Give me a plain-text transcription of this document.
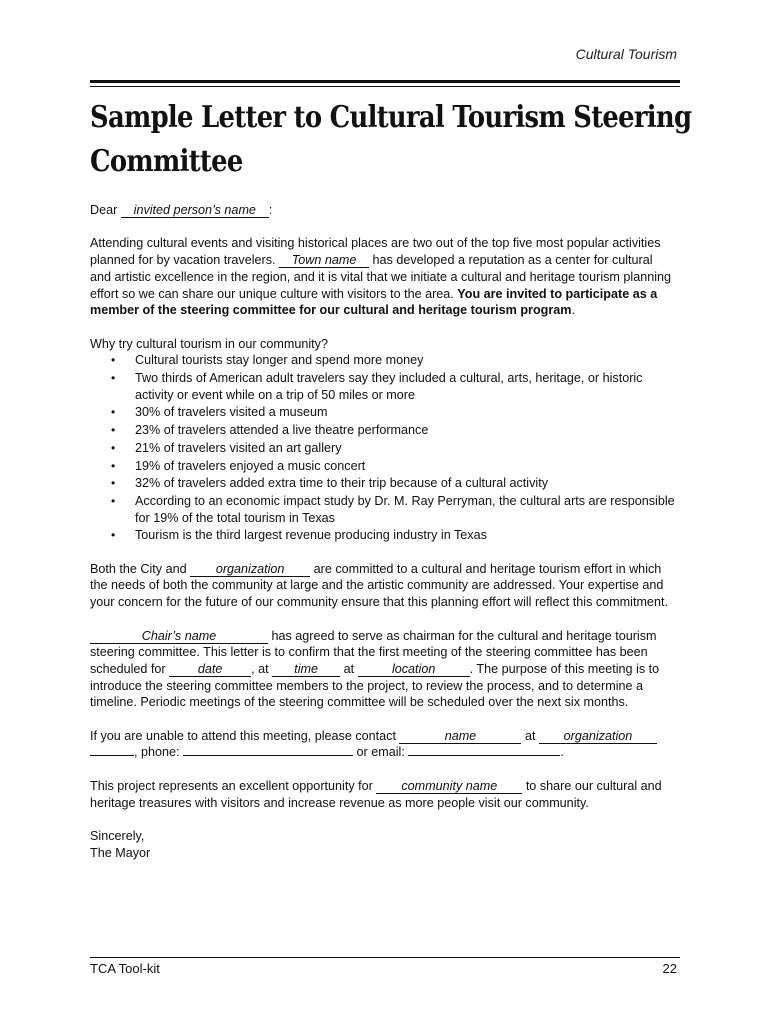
Cultural Tourism
Sample Letter to Cultural Tourism Steering Committee

Dear invited person’s name :

Attending cultural events and visiting historical places are two out of the top five most popular activities planned for by vacation travelers. Town name has developed a reputation as a center for cultural and artistic excellence in the region, and it is vital that we initiate a cultural and heritage tourism planning effort so we can share our unique culture with visitors to the area. You are invited to participate as a member of the steering committee for our cultural and heritage tourism program.

Why try cultural tourism in our community?
• Cultural tourists stay longer and spend more money
• Two thirds of American adult travelers say they included a cultural, arts, heritage, or historic activity or event while on a trip of 50 miles or more
• 30% of travelers visited a museum
• 23% of travelers attended a live theatre performance
• 21% of travelers visited an art gallery
• 19% of travelers enjoyed a music concert
• 32% of travelers added extra time to their trip because of a cultural activity
• According to an economic impact study by Dr. M. Ray Perryman, the cultural arts are responsible for 19% of the total tourism in Texas
• Tourism is the third largest revenue producing industry in Texas

Both the City and organization are committed to a cultural and heritage tourism effort in which the needs of both the community at large and the artistic community are addressed. Your expertise and your concern for the future of our community ensure that this planning effort will reflect this commitment.

Chair’s name	has agreed to serve as chairman for the cultural and heritage tourism steering committee. This letter is to confirm that the first meeting of the steering committee has been scheduled for	date , at time at	location	. The purpose of this meeting is to introduce the steering committee members to the project, to review the process, and to determine a timeline. Periodic meetings of the steering committee will be scheduled over the next six months.

If you are unable to attend this meeting, please contact	name	at organization , phone:	or email:	.

This project represents an excellent opportunity for community name to share our cultural and heritage treasures with visitors and increase revenue as more people visit our community.

Sincerely,
The Mayor
TCA Tool-kit	22
